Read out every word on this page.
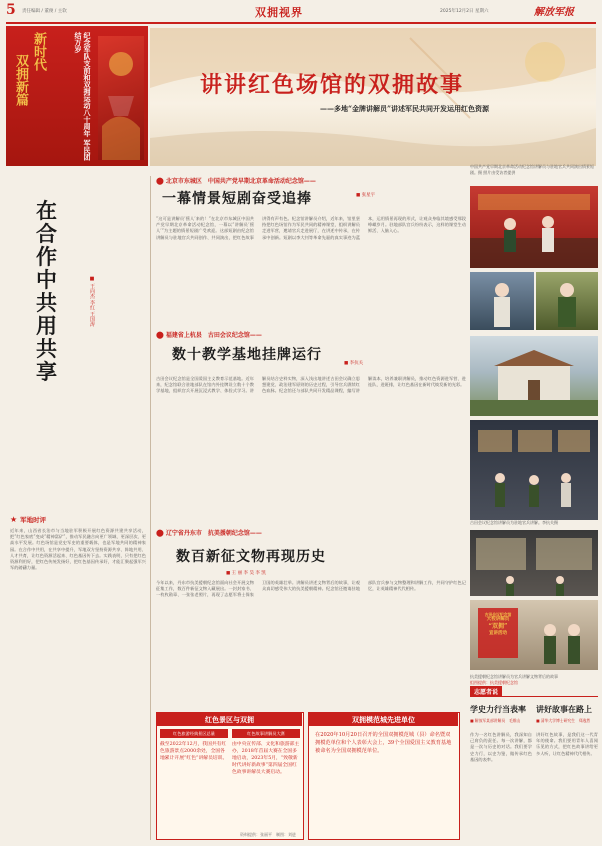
5 责任编辑 / 董俊 / 主软	双拥视界	2025年12月2日 星期六	解放军报
新时代
双拥新篇	纪念军队支前和双拥运动八十周年 军民团结万岁
讲讲红色场馆的双拥故事
——多地“金牌讲解员”讲述军民共同开发运用红色资源
在合作中共用共享
■ 王向杰 李红 王国涛
★ 军地时评
近年来，山西省长治市与当地驻军积极开展红色资源共建共享活动，把“红色家底”变成“精神富矿”，推动军民融合向更广领域、更深层次、更高水平发展。红色场馆是党史军史的重要载体，也是军地共同的精神家园。在合作中共用，在共享中提升，军地双方坚持资源共享、阵地共用、人才共育，让红色资源活起来、红色基因传下去。实践表明，只有把红色资源利用好，把红色传统发扬好，把红色基因传承好，才能汇聚起强军兴军的磅礴力量。
⬤ 北京市东城区　中国共产党早期北京革命活动纪念馆——
一幕情景短剧奋受追捧	■ 张星宇
“这可是讲解员‘摇人’来的！”在北京市东城区中国共产党早期北京革命活动纪念馆，一幕以“讲解员‘摇人’”为主题的情景短剧广受欢迎。这部短剧由纪念馆讲解员与驻地官兵共同创作、共同演出，把红色故事讲得有声有色。纪念馆讲解员介绍，近年来，馆里坚持把红色场馆作为军民共同的精神课堂，组织讲解员走进军营，邀请官兵走进展厅，在讲述中传承，在传承中创新。短剧以李大钊等革命先驱的真实事迹为蓝本，运用情景再现的形式，让观众身临其境感受那段峥嵘岁月。驻地部队官兵纷纷表示，这样的课堂生动鲜活、入脑入心。
中国共产党早期北京革命活动纪念馆讲解员与驻地官兵共同演出情景短剧。摄 照片由受访者提供
⬤ 福建省上杭县　古田会议纪念馆——
数十教学基地挂牌运行
■ 李抗关
古田会议纪念馆是全国爱国主义教育示范基地。近年来，纪念馆联合驻地部队在馆内外挂牌设立数十个教学基地，组织官兵开展沉浸式教学、体验式学习。讲解员结合史料实物，深入浅出地讲述古田会议确立思想建党、政治建军原则的历史过程，引导官兵赓续红色血脉。纪念馆还与部队共同开发精品课程，编写讲解读本，培养兼职讲解员，推动红色资源进军营、进连队、进班排，让红色基因在新时代焕发新的光彩。
古田会议纪念馆讲解员为驻地官兵讲解。李抗关摄
⬤ 辽宁省丹东市　抗美援朝纪念馆——
数百新征文物再现历史
■ 王 丽 李 昊 李 凯
今年以来，丹东市抗美援朝纪念馆面向社会开展文物征集工作，数百件新征文物入藏展出。一封封家书、一枚枚勋章、一张张老照片，再现了志愿军将士保家卫国的英雄壮举。讲解员讲述文物背后的故事，让观众真切感受伟大的抗美援朝精神。纪念馆还邀请驻地部队官兵参与文物整理和讲解工作，共同守护红色记忆，让英雄精神代代相传。
古田会议纪念馆
大校讲解员
“双拥”
宣讲活动
抗美援朝纪念馆讲解员为官兵讲解文物背后的故事
组图提供：抗美援朝纪念馆
红色景区与双拥
红色旅游经典景区总量	红色故事讲解员大赛
截至2022年12月，我国共有红色旅游景点2000余处，全国各地累计开展“红色”讲解员培训。
由中央宣传部、文化和旅游部主办，2018年首届大赛在全国多地启动，2023年5月，“致敬新时代讲好新故事”第四届全国红色故事讲解员大赛启动。
双拥模范城先进单位
在2020年10月20日召开的全国双拥模范城（县）命名暨双拥模范单位和个人表彰大会上，39个全国爱国主义教育基地被命名为全国双拥模范单位。
资料提供：张丽平　制图：刘进
志愿者说
学史力行当表率
■ 解放军某部讲解员　毛维山
作为一名红色讲解员，我深知自己肩负的责任。每一次讲解，都是一次与历史的对话。我们要学史力行，以史为鉴，做传承红色基因的表率。
讲好故事在路上
■ 清华大学博士研究生　郑逸然
讲好红色故事，是我们这一代青年的使命。我们要用青年人喜闻乐见的方式，把红色故事讲给更多人听，让红色精神代代相传。
